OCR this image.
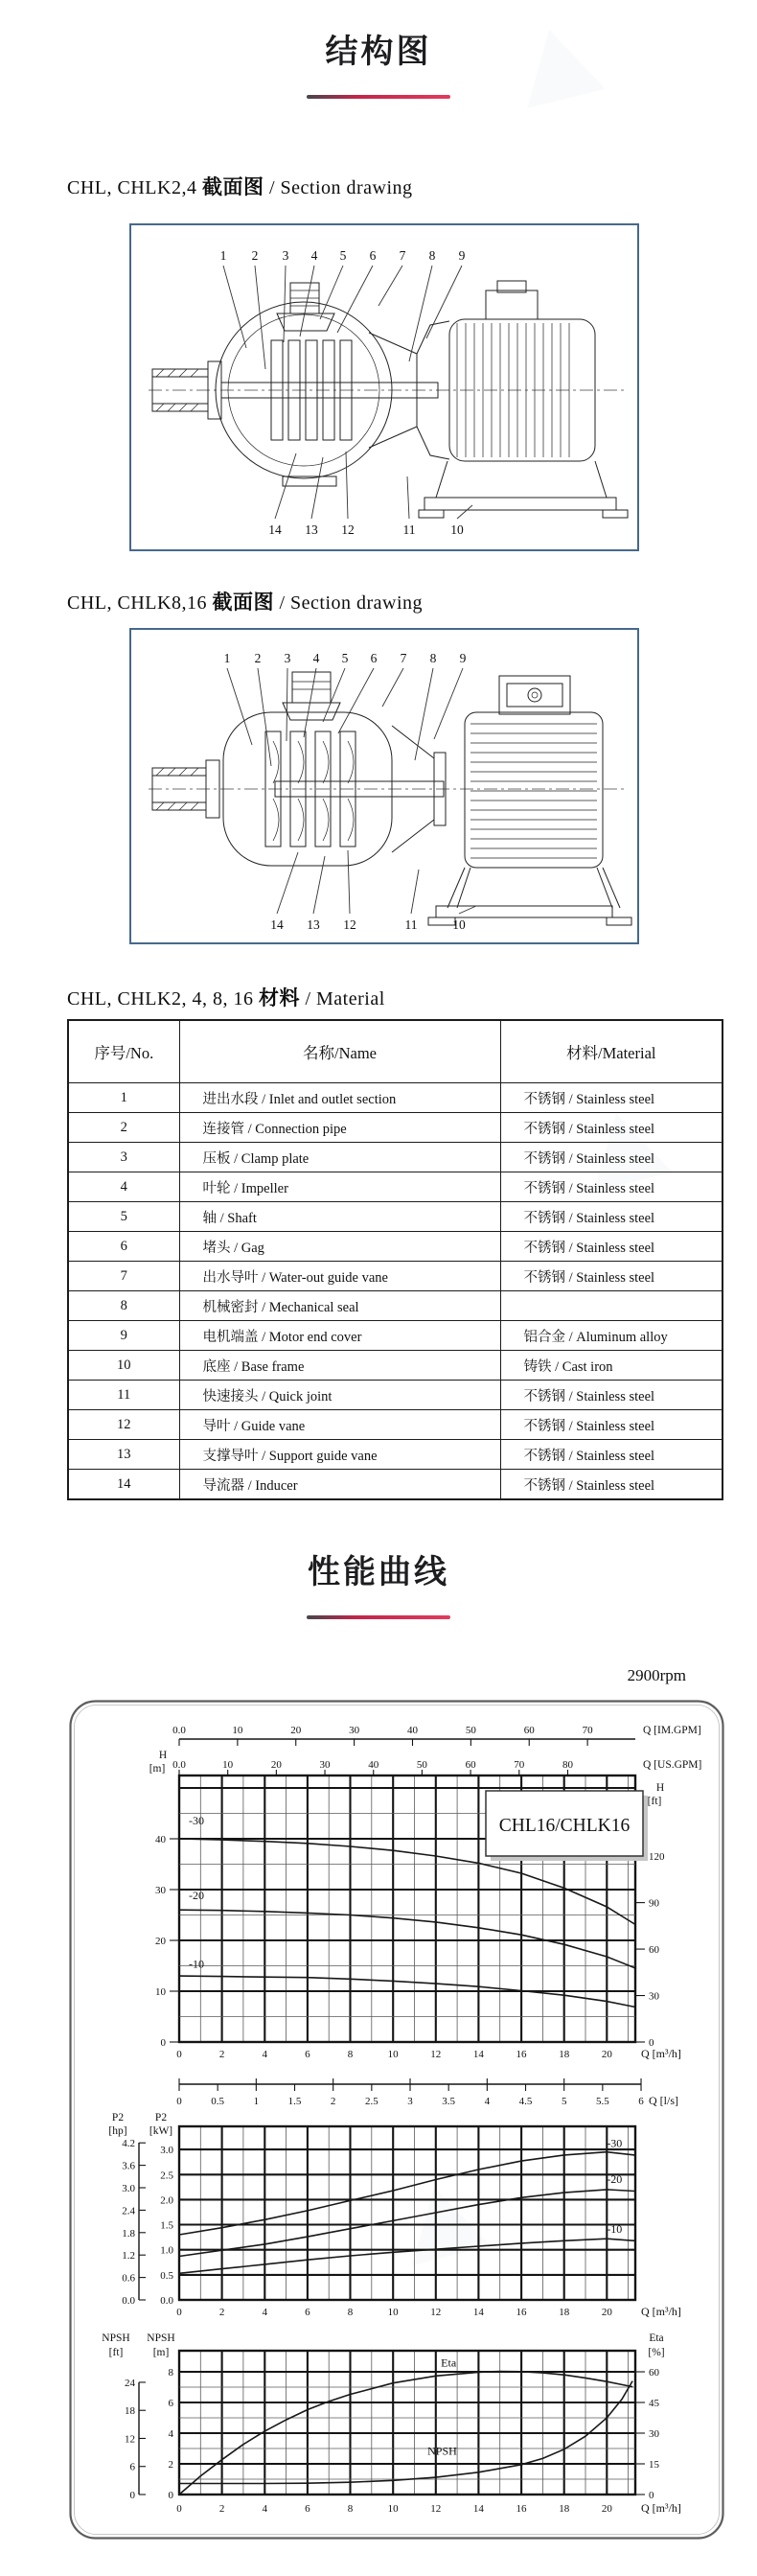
结构图
CHL, CHLK2,4 截面图 / Section drawing
1 2 3 4 5 6 7 8 9
14 13 12	11	10
CHL, CHLK8,16 截面图 / Section drawing
1 2 3 4 5 6 7 8 9
14 13 12	11	10
CHL, CHLK2, 4, 8, 16 材料 / Material
序号/No.	名称/Name	材料/Material
1	进出水段 / Inlet and outlet section	不锈钢 / Stainless steel
2	连接管 / Connection pipe	不锈钢 / Stainless steel
3	压板 / Clamp plate	不锈钢 / Stainless steel
4	叶轮 / Impeller	不锈钢 / Stainless steel
5	轴 / Shaft	不锈钢 / Stainless steel
6	堵头 / Gag	不锈钢 / Stainless steel
7	出水导叶 / Water-out guide vane	不锈钢 / Stainless steel
8	机械密封 / Mechanical seal	
9	电机端盖 / Motor end cover	铝合金 / Aluminum alloy
10	底座 / Base frame	铸铁 / Cast iron
11	快速接头 / Quick joint	不锈钢 / Stainless steel
12	导叶 / Guide vane	不锈钢 / Stainless steel
13	支撑导叶 / Support guide vane	不锈钢 / Stainless steel
14	导流器 / Inducer	不锈钢 / Stainless steel
性能曲线
2900rpm
0.0	10	20	30	40	50	60	70	Q [IM.GPM]
0.0	10	20	30	40	50	60	70	80	Q [US.GPM]
H
[m]
H
[ft]
0
10
20
30
40
0
30
60
90
120
0	2	4	6	8	10	12	14	16	18	20	Q [m³/h]
0	0.5	1	1.5	2	2.5	3	3.5	4	4.5	5	5.5	6 Q [l/s]
-30
-20
-10
CHL16/CHLK16
P2
[hp]
P2
[kW]
0.0
0.6
1.2
1.8
2.4
3.0
3.6
4.2
0.0
0.5
1.0
1.5
2.0
2.5
3.0
0	2	4	6	8	10	12	14	16	18	20	Q [m³/h]
-30
-20
-10
NPSH
[ft]
NPSH
[m]
Eta
[%]
0
6
12
18
24
0
2
4
6
8
0
15
30
45
60
0	2	4	6	8	10	12	14	16	18	20	Q [m³/h]
Eta
NPSH
